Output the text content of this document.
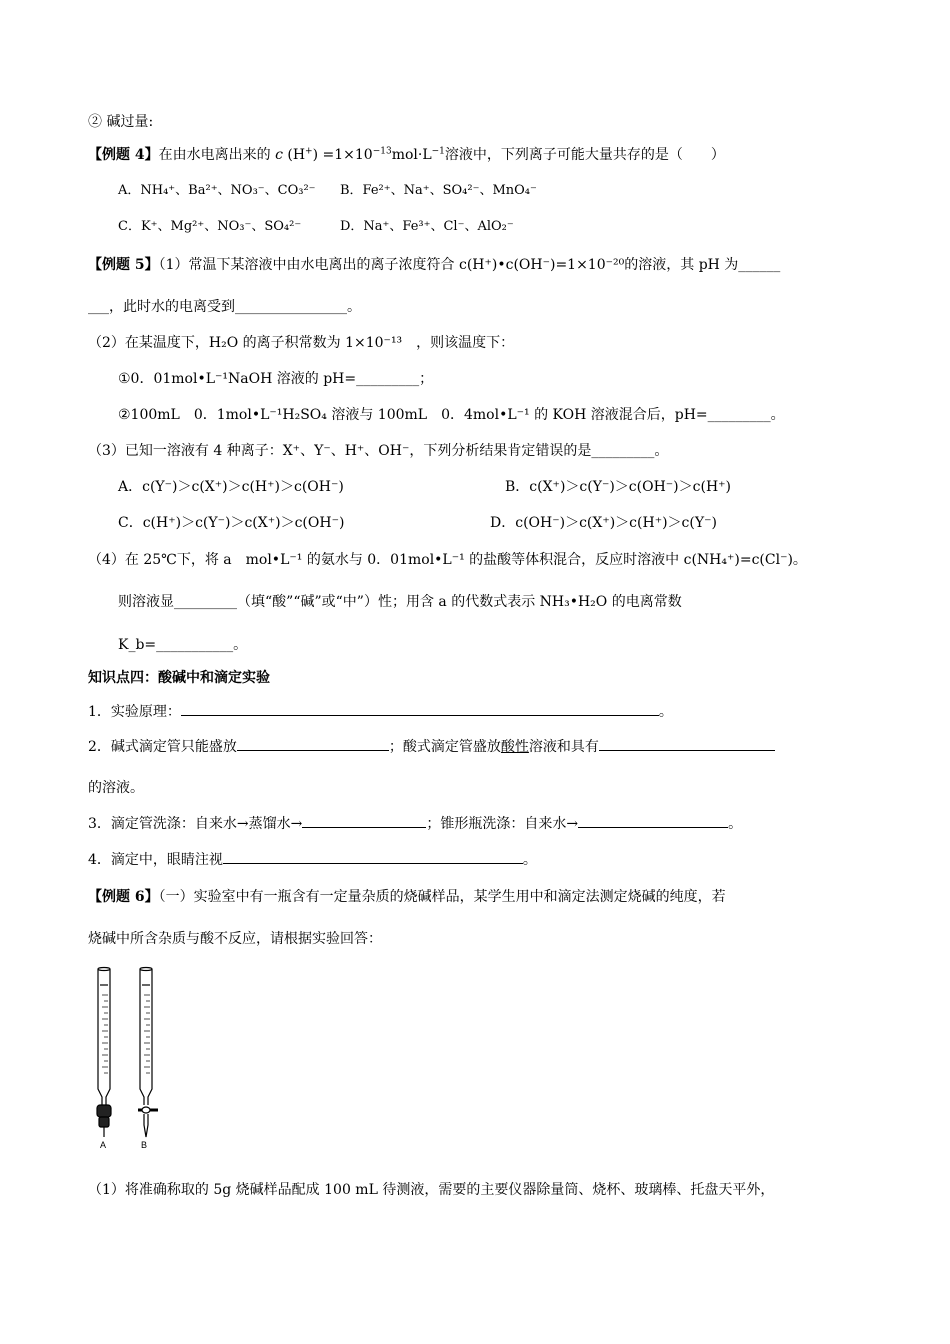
② 碱过量:
【例题 4】在由水电离出来的 c $(H^+) =1\times 10^{-13}mol\cdot L^{-1}$溶液中，下列离子可能大量共存的是（　　）
A．NH₄⁺、Ba²⁺、NO₃⁻、CO₃²⁻ B．Fe²⁺、Na⁺、SO₄²⁻、MnO₄⁻
C．K⁺、Mg²⁺、NO₃⁻、SO₄²⁻	D．Na⁺、Fe³⁺、Cl⁻、AlO₂⁻
【例题 5】（1）常温下某溶液中由水电离出的离子浓度符合 c(H⁺)•c(OH⁻)=1×10⁻²⁰的溶液，其 pH 为______
___，此时水的电离受到________________。
（2）在某温度下，H₂O 的离子积常数为 1×10⁻¹³　，则该温度下：
①0．01mol•L⁻¹NaOH 溶液的 pH=_________；
②100mL　0．1mol•L⁻¹H₂SO₄ 溶液与 100mL　0．4mol•L⁻¹ 的 KOH 溶液混合后，pH=_________。
（3）已知一溶液有 4 种离子：X⁺、Y⁻、H⁺、OH⁻，下列分析结果肯定错误的是_________。
A．c(Y⁻)＞c(X⁺)＞c(H⁺)＞c(OH⁻)	B．c(X⁺)＞c(Y⁻)＞c(OH⁻)＞c(H⁺)
C．c(H⁺)＞c(Y⁻)＞c(X⁺)＞c(OH⁻)	D．c(OH⁻)＞c(X⁺)＞c(H⁺)＞c(Y⁻)
（4）在 25℃下，将 a　mol•L⁻¹ 的氨水与 0．01mol•L⁻¹ 的盐酸等体积混合，反应时溶液中 c(NH₄⁺)=c(Cl⁻)。
则溶液显_________（填“酸”“碱”或“中”）性；用含 a 的代数式表示 NH₃•H₂O 的电离常数
K_b=___________。
知识点四：酸碱中和滴定实验
1．实验原理：	。
2．碱式滴定管只能盛放	；酸式滴定管盛放酸性溶液和具有
的溶液。
3．滴定管洗涤：自来水→蒸馏水→	；锥形瓶洗涤：自来水→	。
4．滴定中，眼睛注视	。
【例题 6】（一）实验室中有一瓶含有一定量杂质的烧碱样品，某学生用中和滴定法测定烧碱的纯度，若
烧碱中所含杂质与酸不反应，请根据实验回答：
A	B
（1）将准确称取的 5g 烧碱样品配成 100 mL 待测液，需要的主要仪器除量筒、烧杯、玻璃棒、托盘天平外，
